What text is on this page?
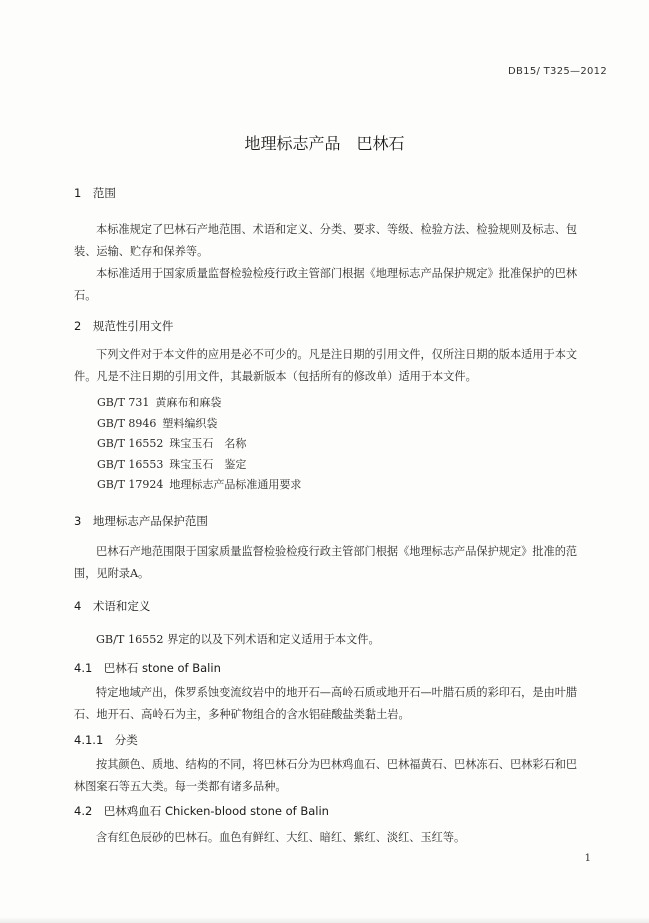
DB15/ T325—2012
地理标志产品　巴林石
1　范围
本标准规定了巴林石产地范围、术语和定义、分类、要求、等级、检验方法、检验规则及标志、包装、运输、贮存和保养等。
本标准适用于国家质量监督检验检疫行政主管部门根据《地理标志产品保护规定》批准保护的巴林石。
2　规范性引用文件
下列文件对于本文件的应用是必不可少的。凡是注日期的引用文件，仅所注日期的版本适用于本文件。凡是不注日期的引用文件，其最新版本（包括所有的修改单）适用于本文件。
GB/T 731 黄麻布和麻袋
GB/T 8946 塑料编织袋
GB/T 16552 珠宝玉石　名称
GB/T 16553 珠宝玉石　鉴定
GB/T 17924 地理标志产品标准通用要求
3　地理标志产品保护范围
巴林石产地范围限于国家质量监督检验检疫行政主管部门根据《地理标志产品保护规定》批准的范围，见附录A。
4　术语和定义
GB/T 16552 界定的以及下列术语和定义适用于本文件。
4.1　巴林石 stone of Balin
特定地域产出，侏罗系蚀变流纹岩中的地开石—高岭石质或地开石—叶腊石质的彩印石，是由叶腊石、地开石、高岭石为主，多种矿物组合的含水铝硅酸盐类黏土岩。
4.1.1　分类
按其颜色、质地、结构的不同，将巴林石分为巴林鸡血石、巴林福黄石、巴林冻石、巴林彩石和巴林图案石等五大类。每一类都有诸多品种。
4.2　巴林鸡血石 Chicken-blood stone of Balin
含有红色辰砂的巴林石。血色有鲜红、大红、暗红、紫红、淡红、玉红等。
1
